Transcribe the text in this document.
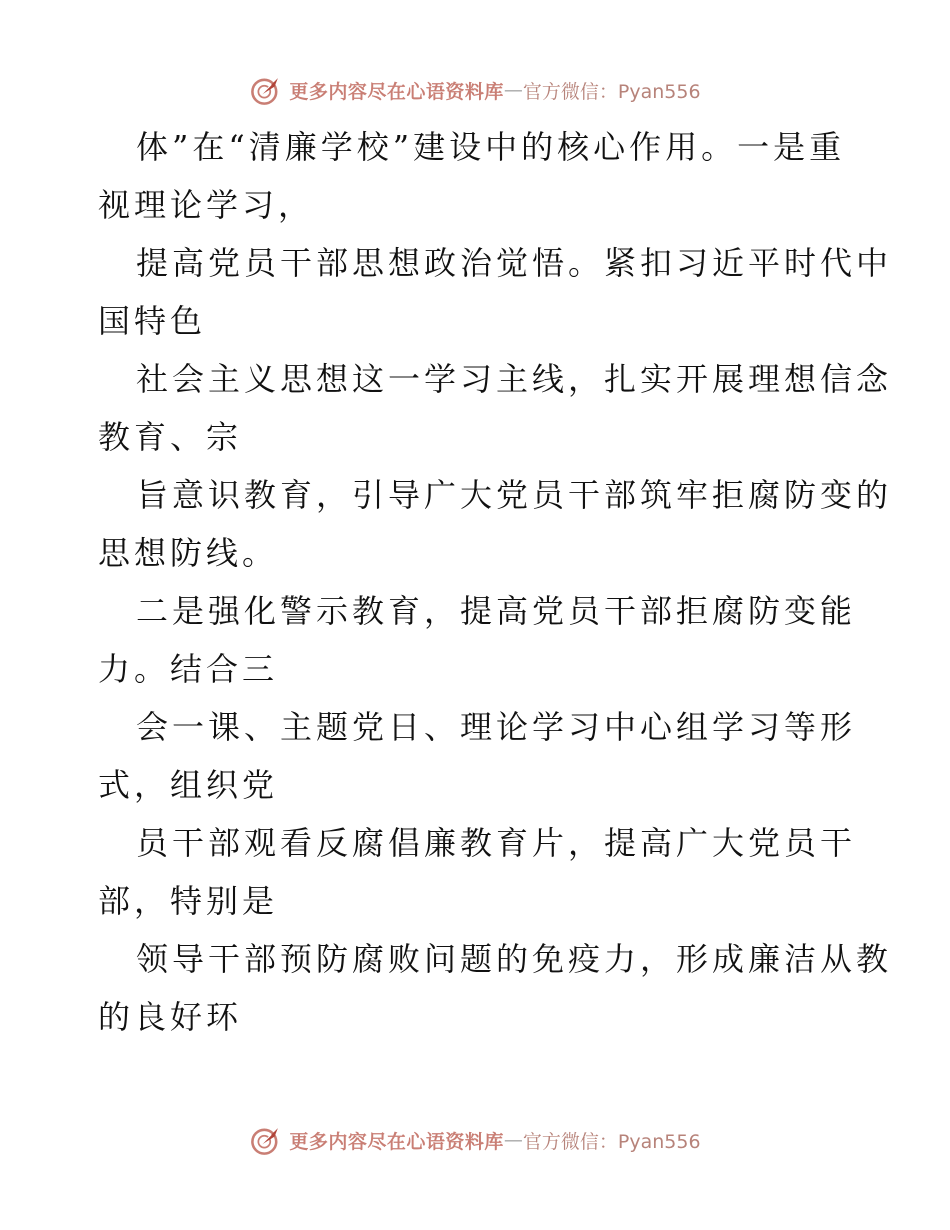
更多内容尽在心语资料库 — 官方微信：Pyan556
体”在“清廉学校”建设中的核心作用。一是重
视理论学习，
提高党员干部思想政治觉悟。紧扣习近平时代中
国特色
社会主义思想这一学习主线，扎实开展理想信念
教育、宗
旨意识教育，引导广大党员干部筑牢拒腐防变的
思想防线。
二是强化警示教育，提高党员干部拒腐防变能
力。结合三
会一课、主题党日、理论学习中心组学习等形
式，组织党
员干部观看反腐倡廉教育片，提高广大党员干
部，特别是
领导干部预防腐败问题的免疫力，形成廉洁从教
的良好环
更多内容尽在心语资料库 — 官方微信：Pyan556
